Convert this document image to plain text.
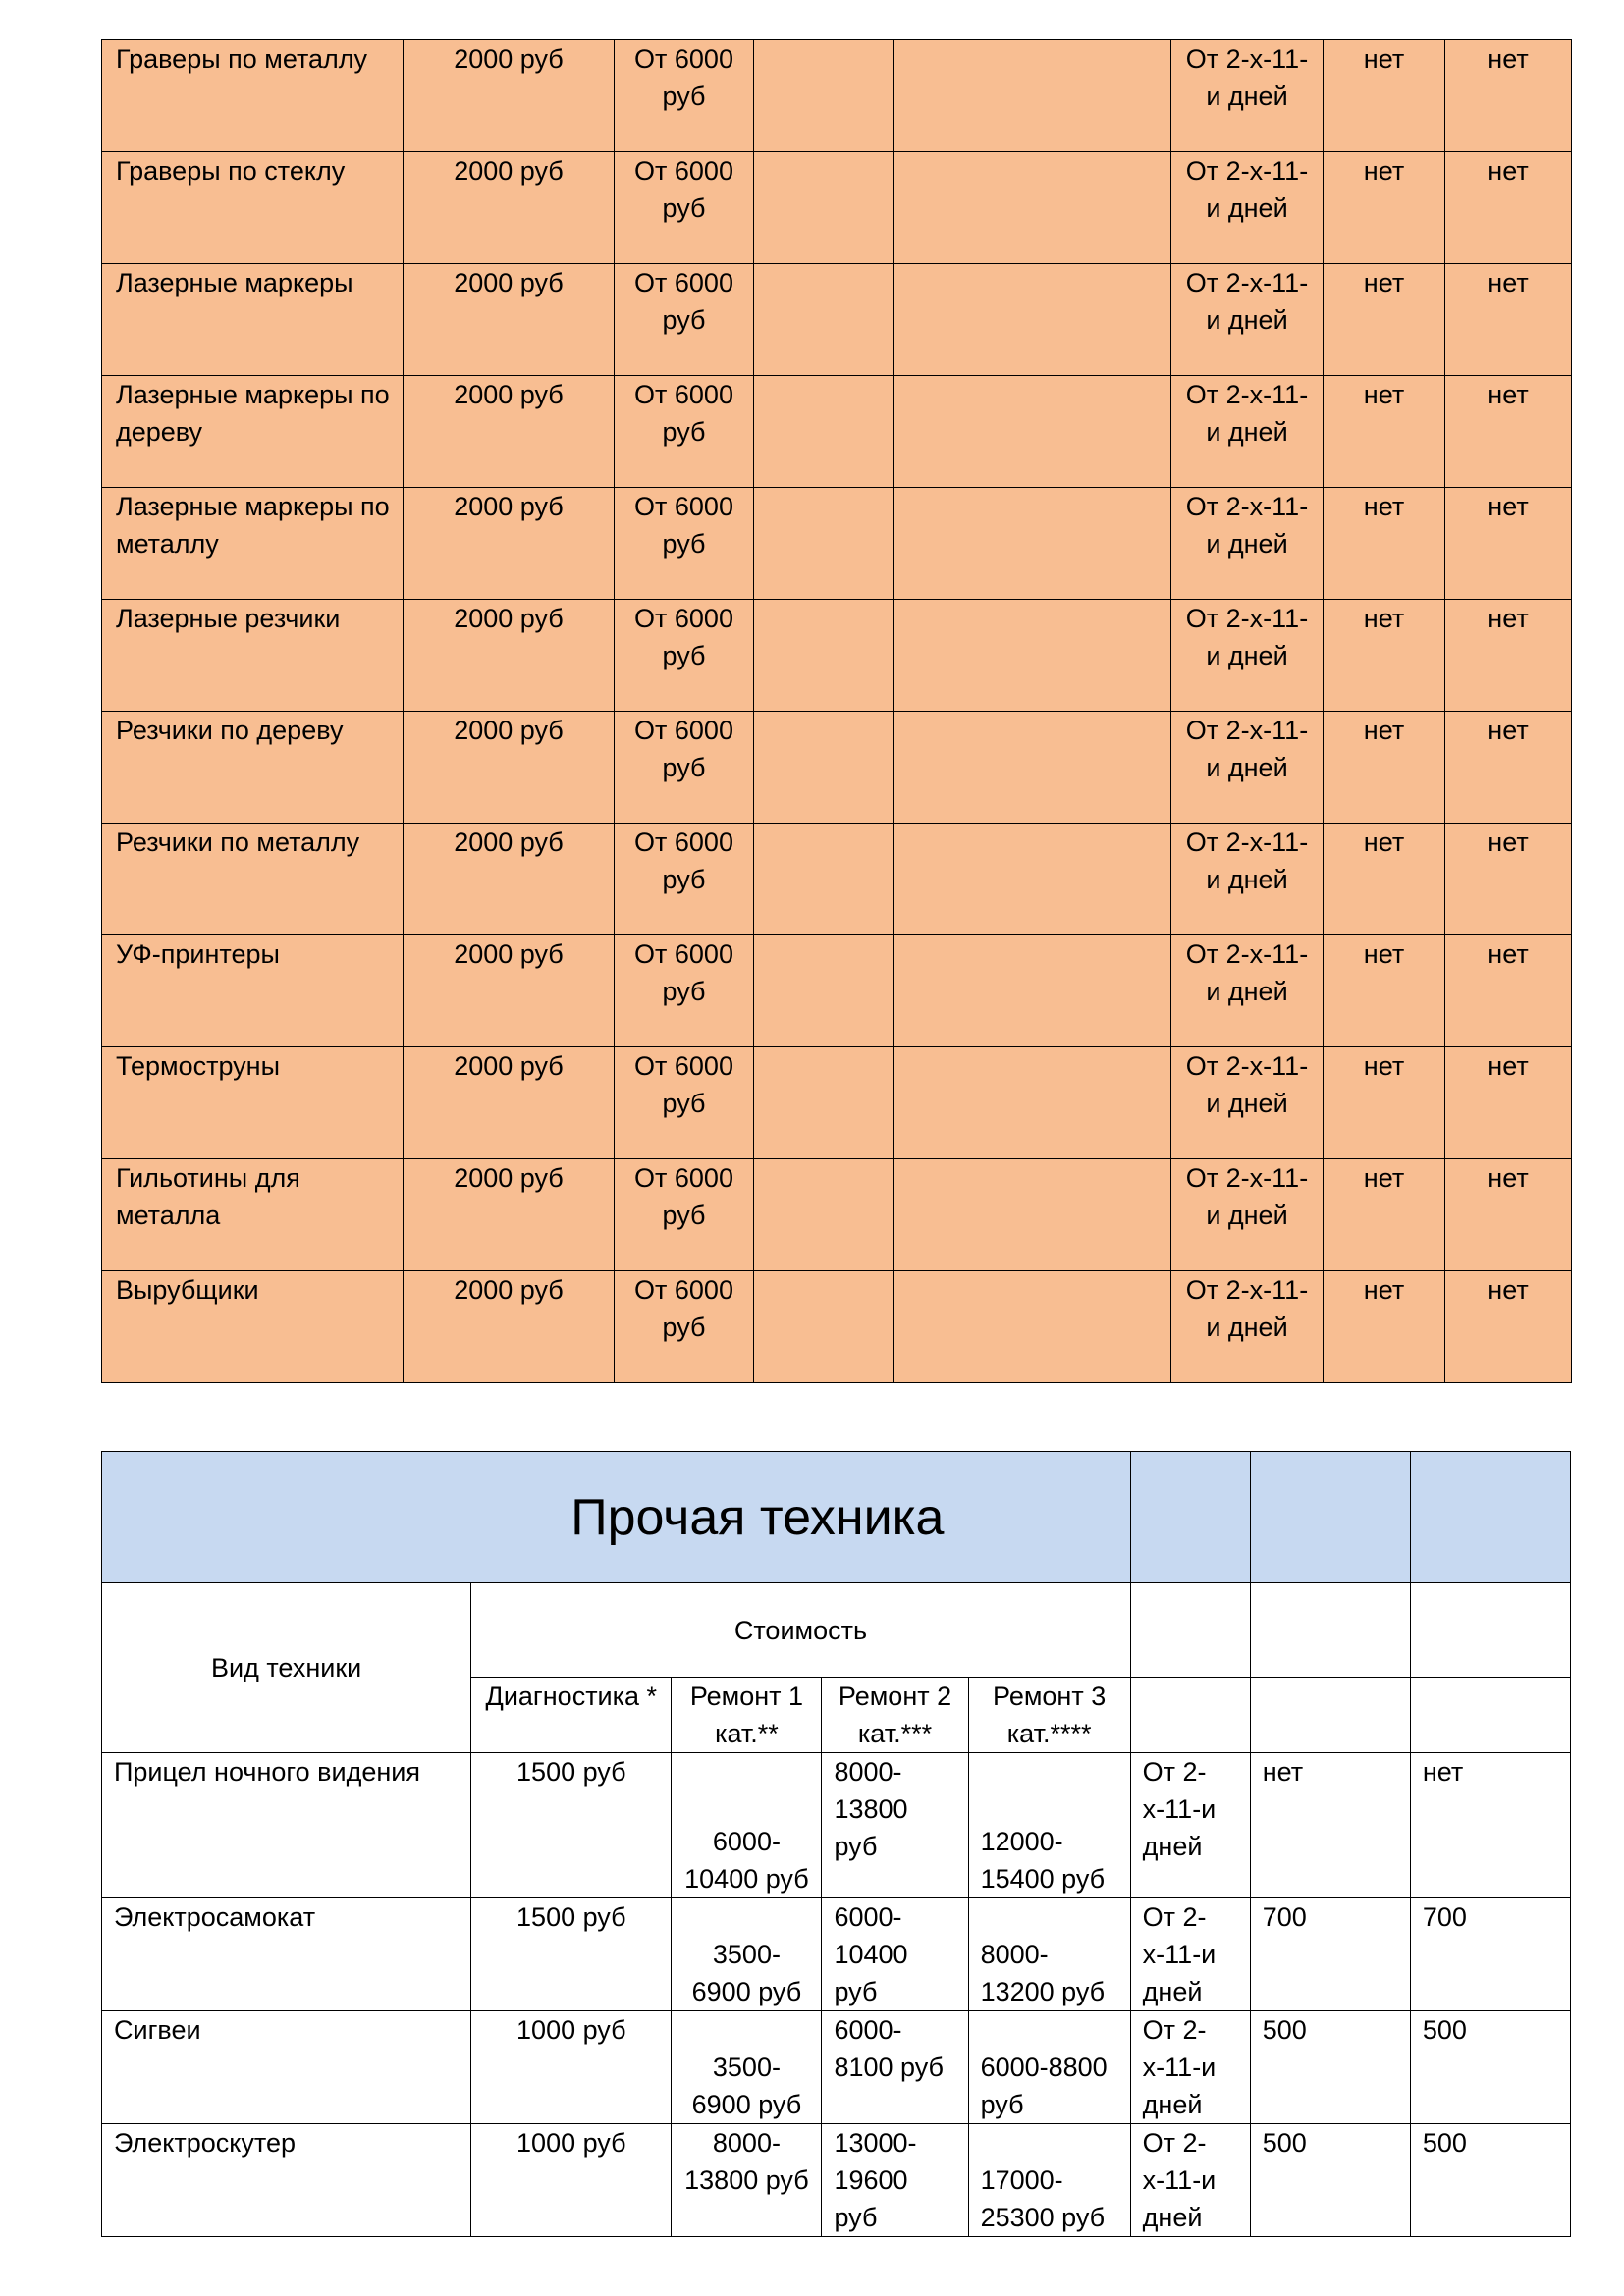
Граверы по металлу	2000 руб	От 6000 руб			От 2-х-11-и дней	нет	нет
Граверы по стеклу	2000 руб	От 6000 руб			От 2-х-11-и дней	нет	нет
Лазерные маркеры	2000 руб	От 6000 руб			От 2-х-11-и дней	нет	нет
Лазерные маркеры по дереву	2000 руб	От 6000 руб			От 2-х-11-и дней	нет	нет
Лазерные маркеры по металлу	2000 руб	От 6000 руб			От 2-х-11-и дней	нет	нет
Лазерные резчики	2000 руб	От 6000 руб			От 2-х-11-и дней	нет	нет
Резчики по дереву	2000 руб	От 6000 руб			От 2-х-11-и дней	нет	нет
Резчики по металлу	2000 руб	От 6000 руб			От 2-х-11-и дней	нет	нет
УФ-принтеры	2000 руб	От 6000 руб			От 2-х-11-и дней	нет	нет
Термоструны	2000 руб	От 6000 руб			От 2-х-11-и дней	нет	нет
Гильотины для металла	2000 руб	От 6000 руб			От 2-х-11-и дней	нет	нет
Вырубщики	2000 руб	От 6000 руб			От 2-х-11-и дней	нет	нет
Прочая техника							
Вид техники	Стоимость						
	Диагностика *	Ремонт 1 кат.**	Ремонт 2 кат.***	Ремонт 3 кат.****			
Прицел ночного видения	1500 руб	6000-10400 руб	8000-13800 руб	12000-15400 руб	От 2-х-11-и дней	нет	нет
Электросамокат	1500 руб	3500-6900 руб	6000-10400 руб	8000-13200 руб	От 2-х-11-и дней	700	700
Сигвеи	1000 руб	3500-6900 руб	6000-8100 руб	6000-8800 руб	От 2-х-11-и дней	500	500
Электроскутер	1000 руб	8000-13800 руб	13000-19600 руб	17000-25300 руб	От 2-х-11-и дней	500	500
